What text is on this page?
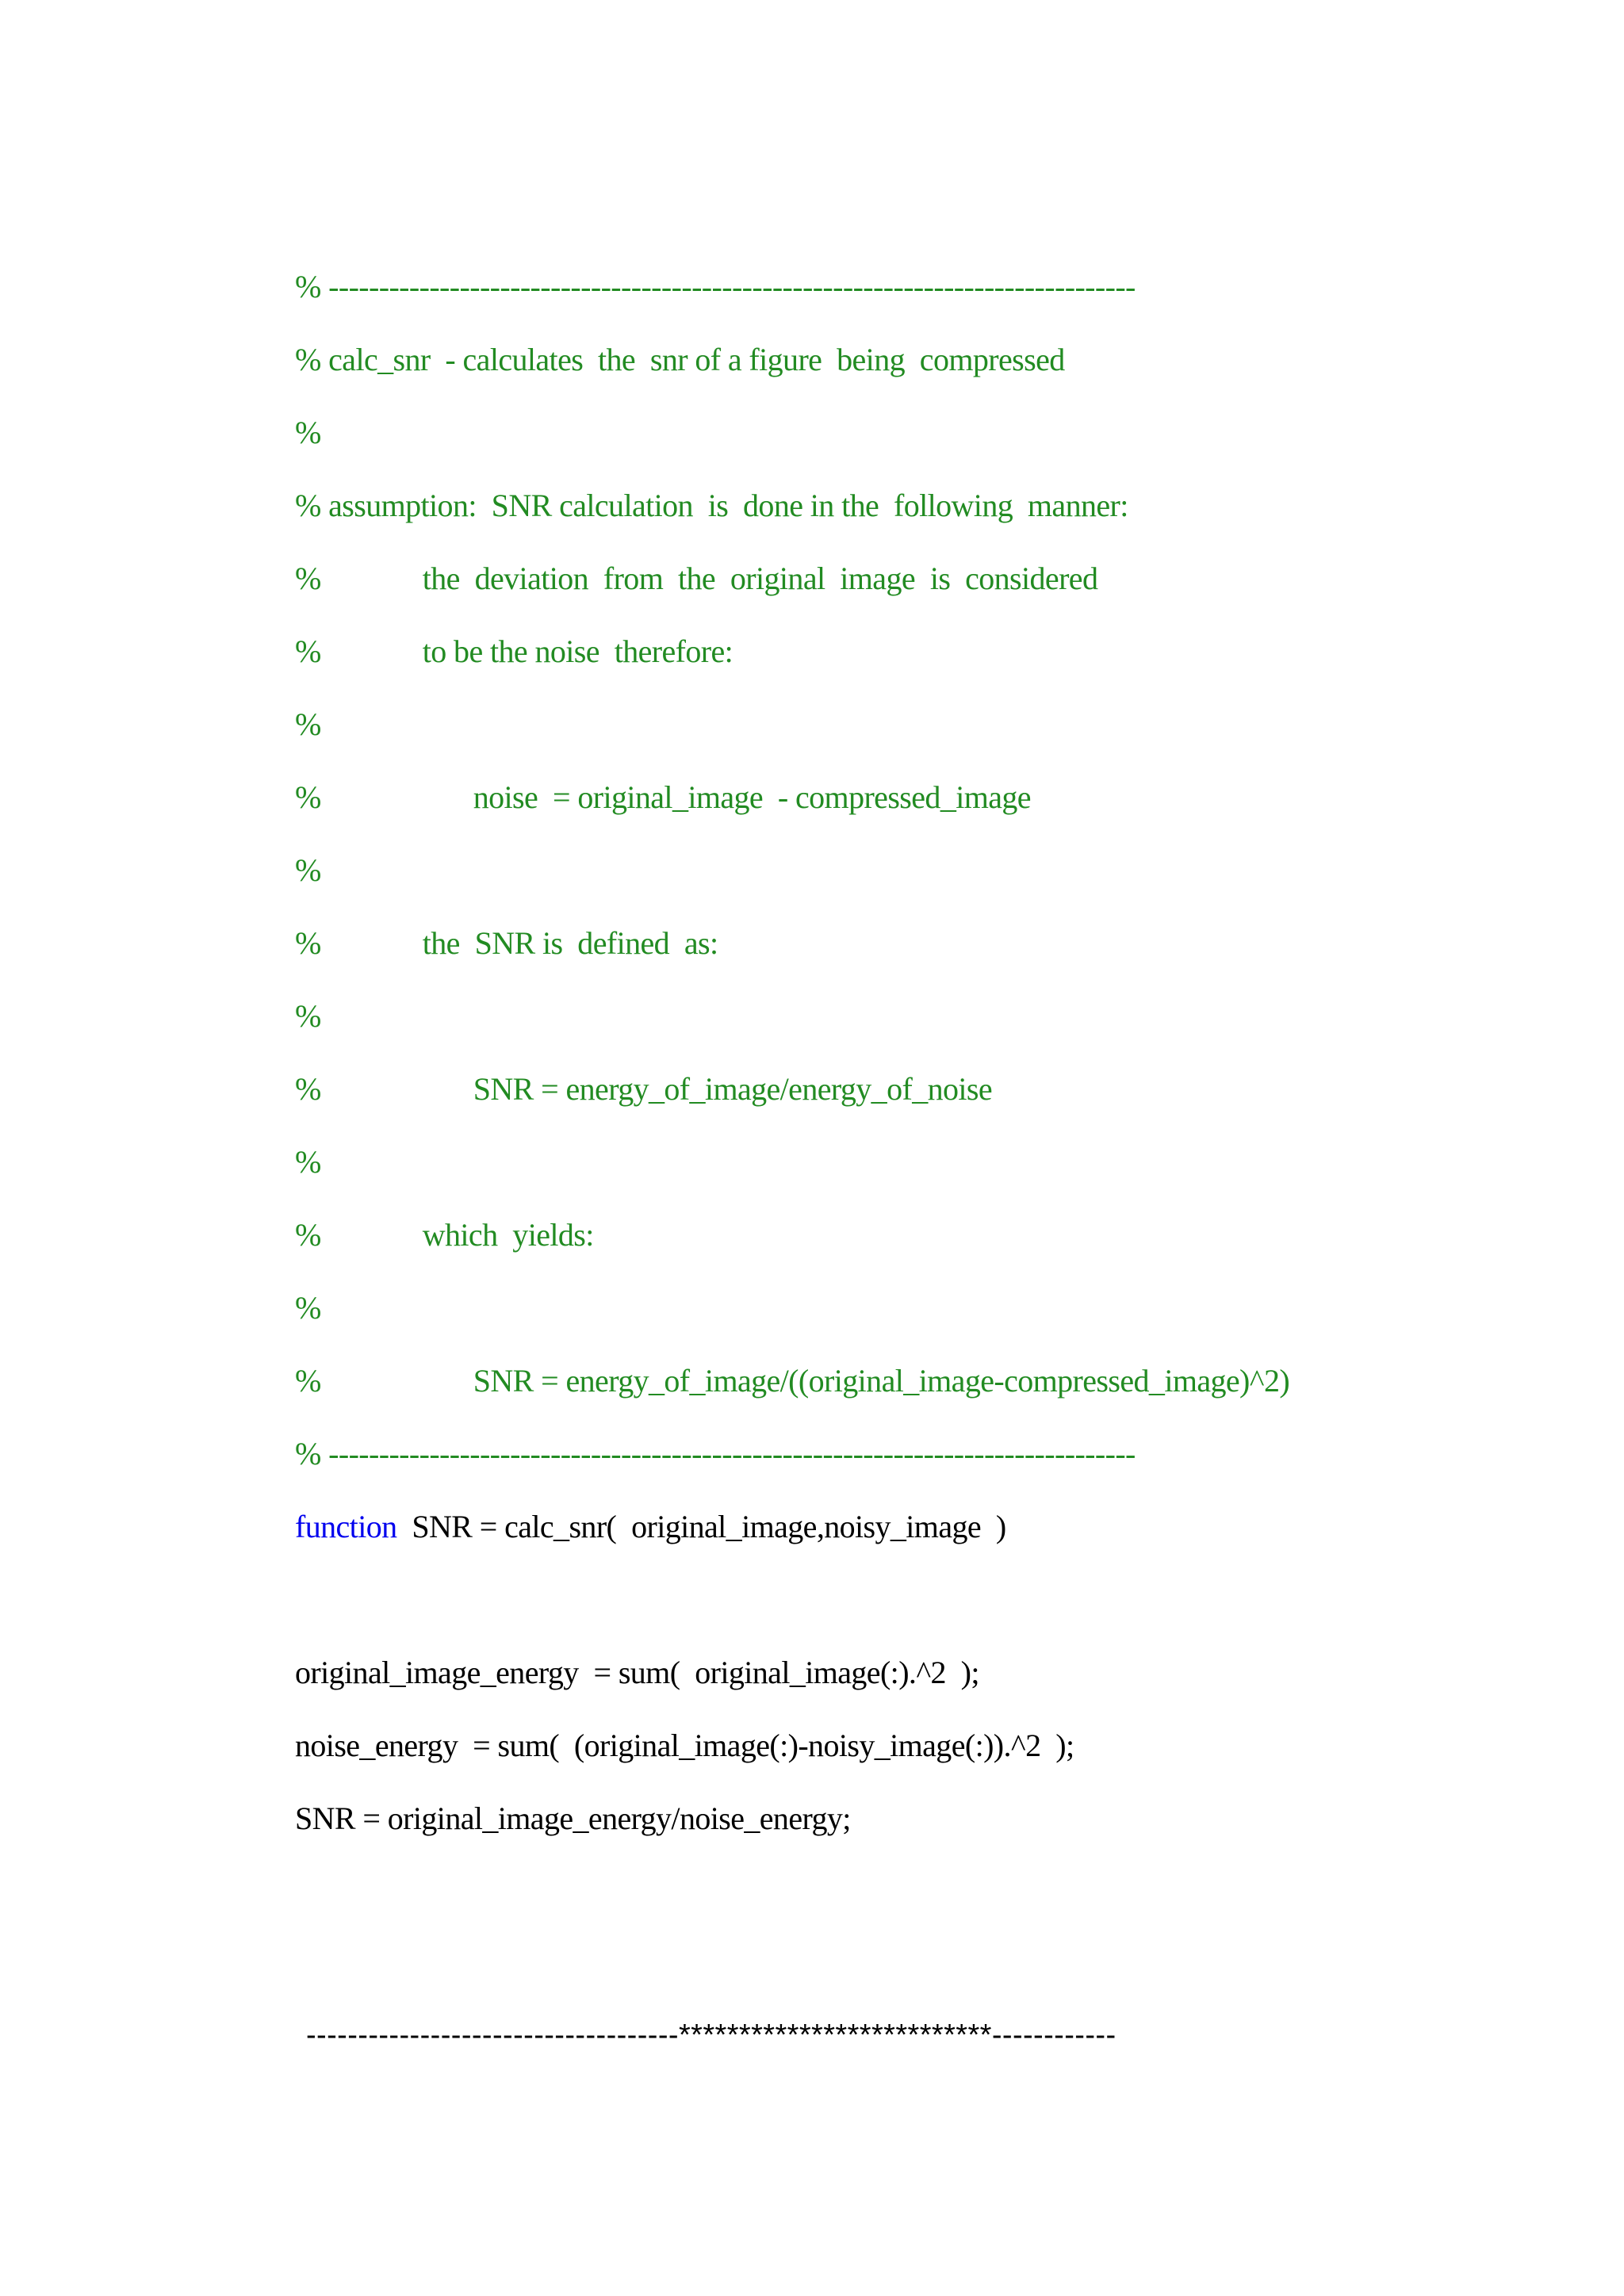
% --------------------------------------------------------------------------------
% calc_snr  - calculates  the  snr of a figure  being  compressed
%
% assumption:  SNR calculation  is  done in the  following  manner:
%	the  deviation  from  the  original  image  is  considered
%	to be the noise  therefore:
%
%	noise  = original_image  - compressed_image
%
%	the  SNR is  defined  as:
%
%	SNR = energy_of_image/energy_of_noise
%
%	which  yields:
%
%	SNR = energy_of_image/((original_image-compressed_image)^2)
% --------------------------------------------------------------------------------
function  SNR = calc_snr(  original_image,noisy_image  )
original_image_energy  = sum(  original_image(:).^2  );
noise_energy  = sum(  (original_image(:)-noisy_image(:)).^2  );
SNR = original_image_energy/noise_energy;
------------------------------------**************************------------
